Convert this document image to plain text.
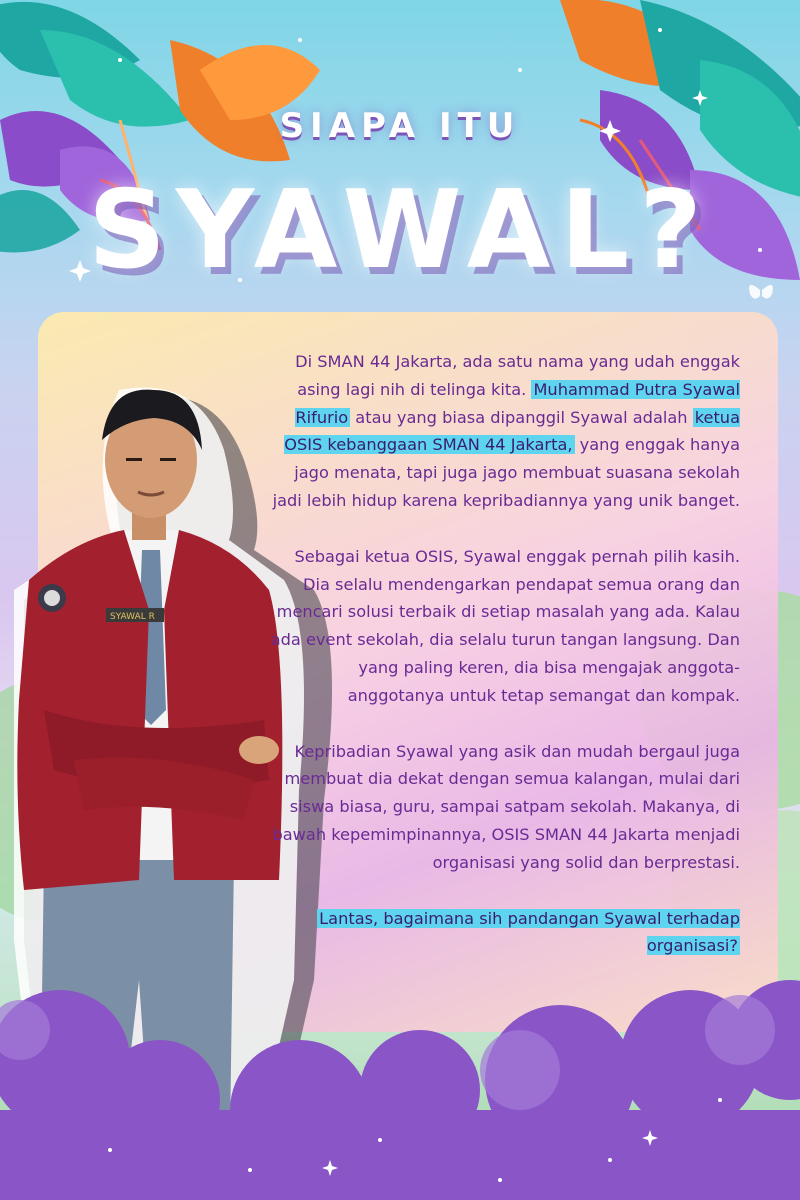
SIAPA ITU
SYAWAL?
SYAWAL R

Di SMAN 44 Jakarta, ada satu nama yang udah enggak asing lagi nih di telinga kita. Muhammad Putra Syawal Rifurio atau yang biasa dipanggil Syawal adalah ketua OSIS kebanggaan SMAN 44 Jakarta, yang enggak hanya jago menata, tapi juga jago membuat suasana sekolah jadi lebih hidup karena kepribadiannya yang unik banget.

Sebagai ketua OSIS, Syawal enggak pernah pilih kasih. Dia selalu mendengarkan pendapat semua orang dan mencari solusi terbaik di setiap masalah yang ada. Kalau ada event sekolah, dia selalu turun tangan langsung. Dan yang paling keren, dia bisa mengajak anggota-anggotanya untuk tetap semangat dan kompak.

Kepribadian Syawal yang asik dan mudah bergaul juga membuat dia dekat dengan semua kalangan, mulai dari siswa biasa, guru, sampai satpam sekolah. Makanya, di bawah kepemimpinannya, OSIS SMAN 44 Jakarta menjadi organisasi yang solid dan berprestasi.

Lantas, bagaimana sih pandangan Syawal terhadap organisasi?
